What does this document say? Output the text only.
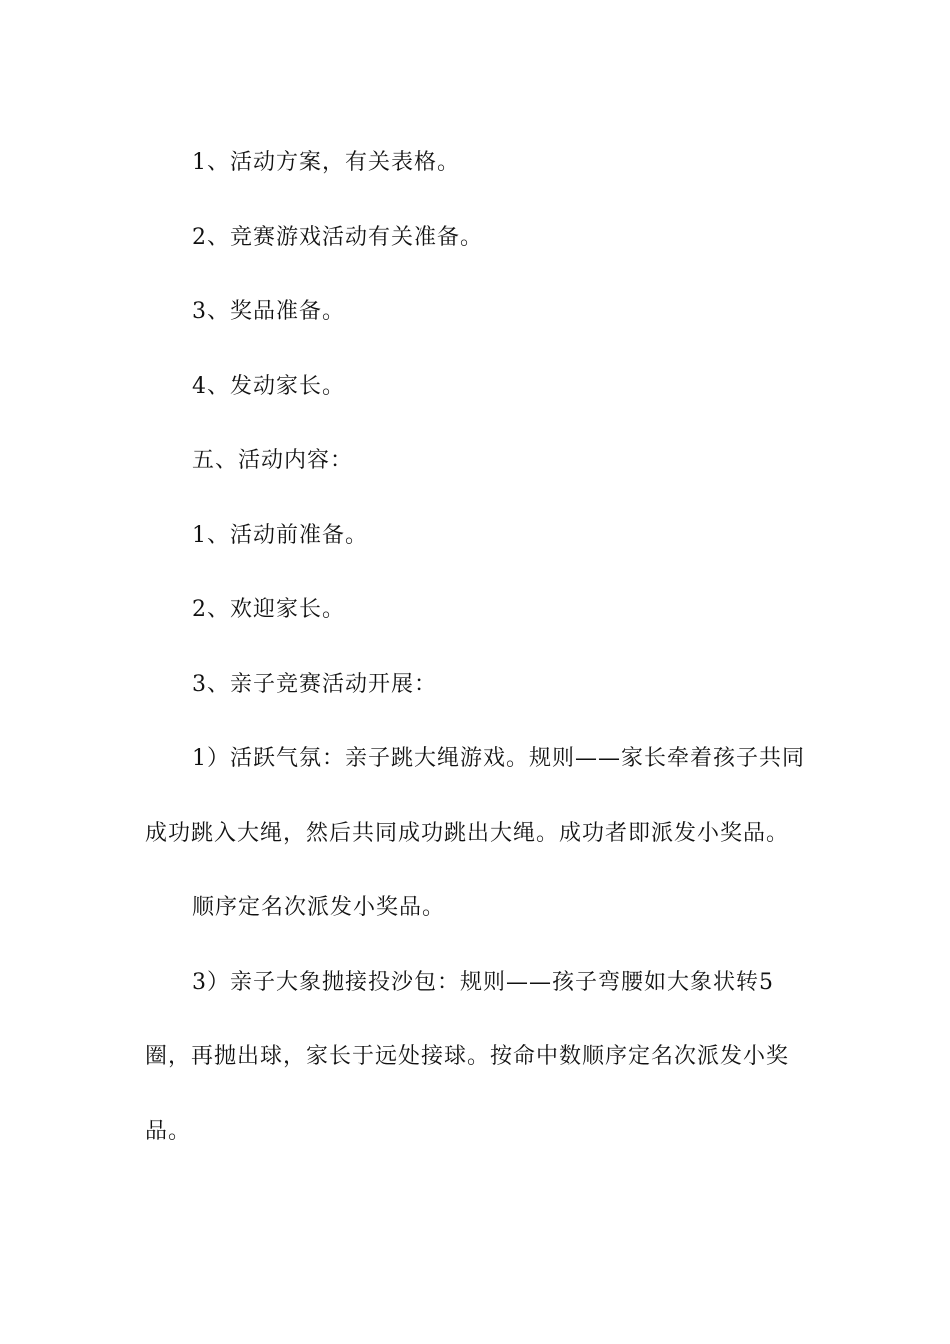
1、活动方案，有关表格。

2、竞赛游戏活动有关准备。

3、奖品准备。

4、发动家长。

五、活动内容：

1、活动前准备。

2、欢迎家长。

3、亲子竞赛活动开展：

1）活跃气氛：亲子跳大绳游戏。规则——家长牵着孩子共同成功跳入大绳，然后共同成功跳出大绳。成功者即派发小奖品。

顺序定名次派发小奖品。

3）亲子大象抛接投沙包：规则——孩子弯腰如大象状转5圈，再抛出球，家长于远处接球。按命中数顺序定名次派发小奖品。
